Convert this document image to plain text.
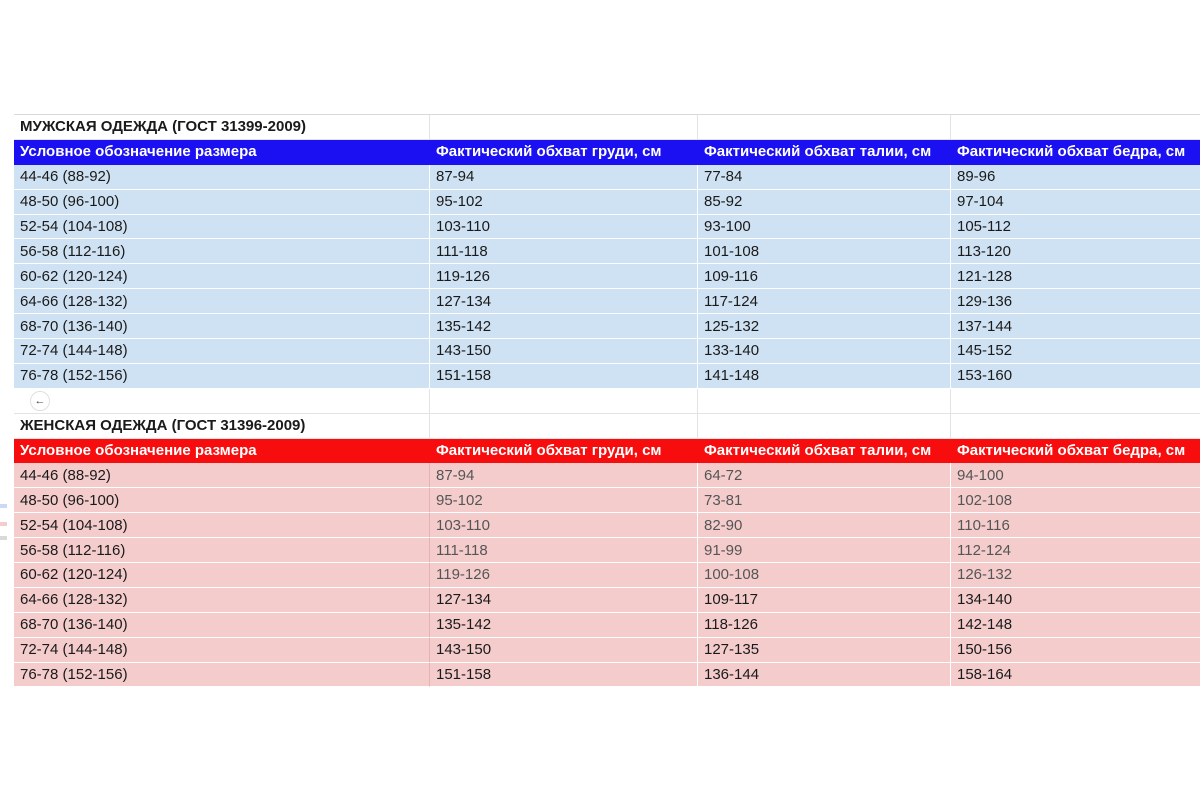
МУЖСКАЯ ОДЕЖДА (ГОСТ 31399-2009)
Условное обозначение размера	Фактический обхват груди, см	Фактический обхват талии, см	Фактический обхват бедра, см
44-46 (88-92)	87-94	77-84	89-96
48-50 (96-100)	95-102	85-92	97-104
52-54 (104-108)	103-110	93-100	105-112
56-58 (112-116)	111-118	101-108	113-120
60-62 (120-124)	119-126	109-116	121-128
64-66 (128-132)	127-134	117-124	129-136
68-70 (136-140)	135-142	125-132	137-144
72-74 (144-148)	143-150	133-140	145-152
76-78 (152-156)	151-158	141-148	153-160
←
ЖЕНСКАЯ ОДЕЖДА (ГОСТ 31396-2009)
Условное обозначение размера	Фактический обхват груди, см	Фактический обхват талии, см	Фактический обхват бедра, см
44-46 (88-92)	87-94	64-72	94-100
48-50 (96-100)	95-102	73-81	102-108
52-54 (104-108)	103-110	82-90	110-116
56-58 (112-116)	111-118	91-99	112-124
60-62 (120-124)	119-126	100-108	126-132
64-66 (128-132)	127-134	109-117	134-140
68-70 (136-140)	135-142	118-126	142-148
72-74 (144-148)	143-150	127-135	150-156
76-78 (152-156)	151-158	136-144	158-164
